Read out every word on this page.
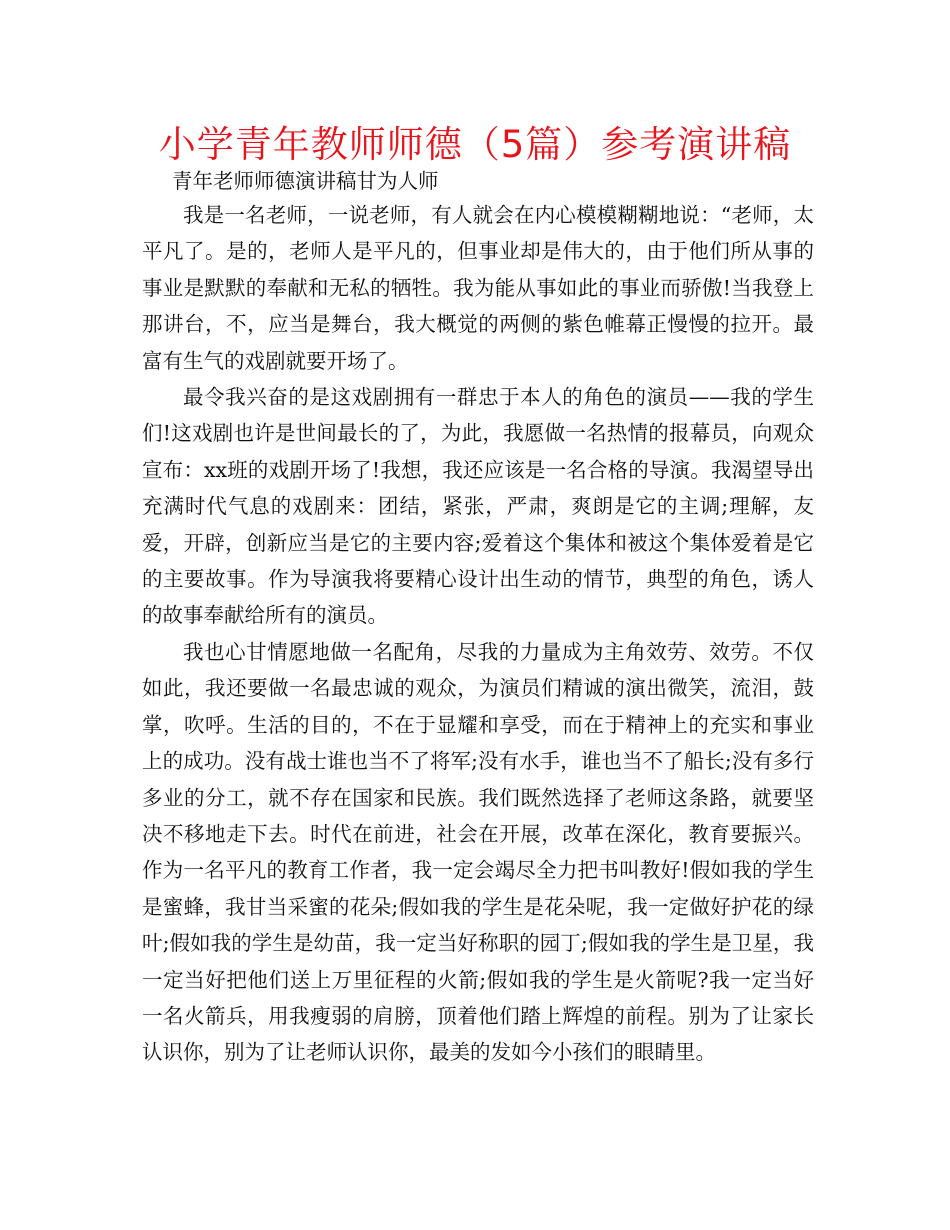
小学青年教师师德（5篇）参考演讲稿
青年老师师德演讲稿甘为人师

我是一名老师，一说老师，有人就会在内心模模糊糊地说：“老师，太平凡了。是的，老师人是平凡的，但事业却是伟大的，由于他们所从事的事业是默默的奉献和无私的牺牲。我为能从事如此的事业而骄傲!当我登上那讲台，不，应当是舞台，我大概觉的两侧的紫色帷幕正慢慢的拉开。最富有生气的戏剧就要开场了。

最令我兴奋的是这戏剧拥有一群忠于本人的角色的演员——我的学生们!这戏剧也许是世间最长的了，为此，我愿做一名热情的报幕员，向观众宣布：xx班的戏剧开场了!我想，我还应该是一名合格的导演。我渴望导出充满时代气息的戏剧来：团结，紧张，严肃，爽朗是它的主调;理解，友爱，开辟，创新应当是它的主要内容;爱着这个集体和被这个集体爱着是它的主要故事。作为导演我将要精心设计出生动的情节，典型的角色，诱人的故事奉献给所有的演员。

我也心甘情愿地做一名配角，尽我的力量成为主角效劳、效劳。不仅如此，我还要做一名最忠诚的观众，为演员们精诚的演出微笑，流泪，鼓掌，吹呼。生活的目的，不在于显耀和享受，而在于精神上的充实和事业上的成功。没有战士谁也当不了将军;没有水手，谁也当不了船长;没有多行多业的分工，就不存在国家和民族。我们既然选择了老师这条路，就要坚决不移地走下去。时代在前进，社会在开展，改革在深化，教育要振兴。作为一名平凡的教育工作者，我一定会竭尽全力把书叫教好!假如我的学生是蜜蜂，我甘当采蜜的花朵;假如我的学生是花朵呢，我一定做好护花的绿叶;假如我的学生是幼苗，我一定当好称职的园丁;假如我的学生是卫星，我一定当好把他们送上万里征程的火箭;假如我的学生是火箭呢?我一定当好一名火箭兵，用我瘦弱的肩膀，顶着他们踏上辉煌的前程。别为了让家长认识你，别为了让老师认识你，最美的发如今小孩们的眼睛里。
